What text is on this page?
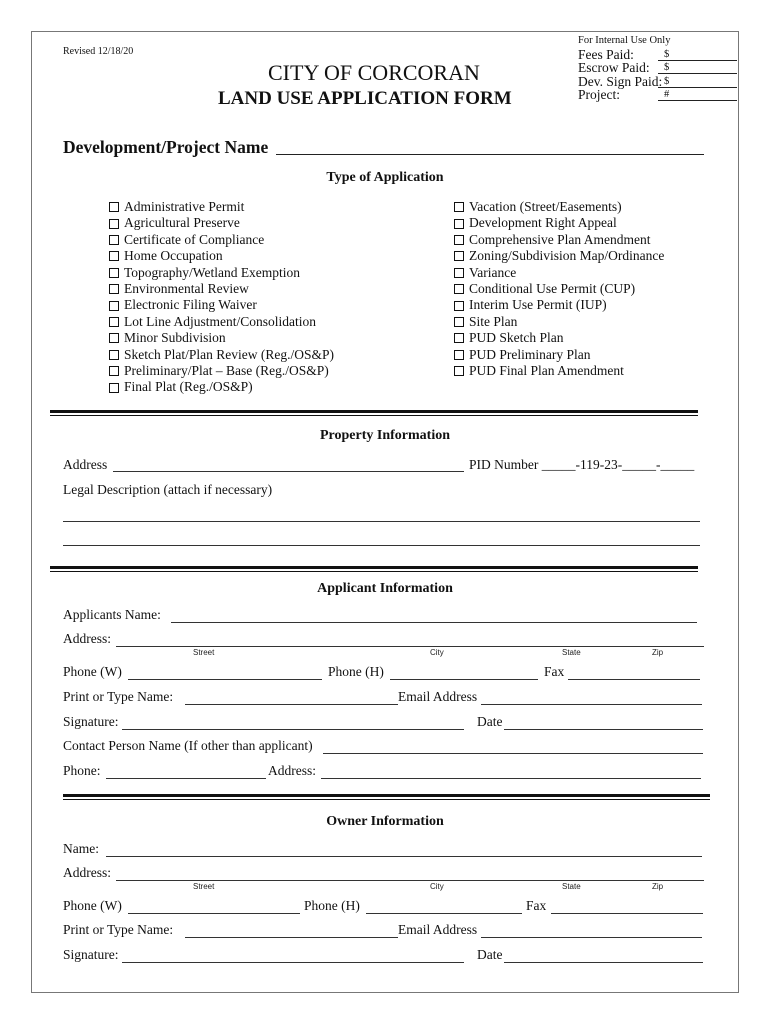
Revised 12/18/20
CITY OF CORCORAN
LAND USE APPLICATION FORM
For Internal Use Only
Fees Paid:	$
Escrow Paid: $
Dev. Sign Paid: $
Project:	#
Development/Project Name
Type of Application
Administrative Permit
Agricultural Preserve
Certificate of Compliance
Home Occupation
Topography/Wetland Exemption
Environmental Review
Electronic Filing Waiver
Lot Line Adjustment/Consolidation
Minor Subdivision
Sketch Plat/Plan Review (Reg./OS&P)
Preliminary/Plat – Base (Reg./OS&P)
Final Plat (Reg./OS&P)
Vacation (Street/Easements)
Development Right Appeal
Comprehensive Plan Amendment
Zoning/Subdivision Map/Ordinance
Variance
Conditional Use Permit (CUP)
Interim Use Permit (IUP)
Site Plan
PUD Sketch Plan
PUD Preliminary Plan
PUD Final Plan Amendment
Property Information
Address	PID Number _____-119-23-_____-_____
Legal Description (attach if necessary)
Applicant Information
Applicants Name:
Address:
Street	City	State	Zip
Phone (W)	Phone (H)	Fax
Print or Type Name:	Email Address
Signature:	Date
Contact Person Name (If other than applicant)
Phone:	Address:
Owner Information
Name:
Address:
Street	City	State	Zip
Phone (W)	Phone (H)	Fax
Print or Type Name:	Email Address
Signature:	Date
